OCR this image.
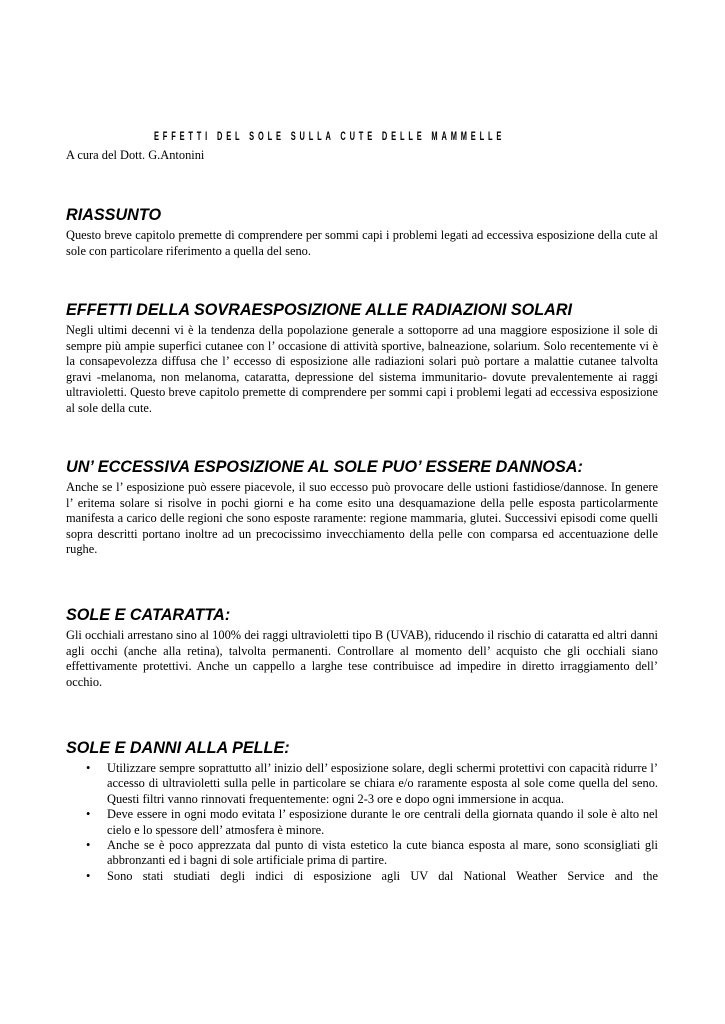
EFFETTI DEL SOLE SULLA CUTE DELLE MAMMELLE
A cura del Dott. G.Antonini
RIASSUNTO

Questo breve capitolo premette di comprendere per sommi capi i problemi legati ad eccessiva esposizione della cute al sole con particolare riferimento a quella del seno.

EFFETTI DELLA SOVRAESPOSIZIONE ALLE RADIAZIONI SOLARI

Negli ultimi decenni vi è la tendenza della popolazione generale a sottoporre ad una maggiore esposizione il sole di sempre più ampie superfici cutanee con l’ occasione di attività sportive, balneazione, solarium. Solo recentemente vi è la consapevolezza diffusa che l’ eccesso di esposizione alle radiazioni solari può portare a malattie cutanee talvolta gravi -melanoma, non melanoma, cataratta, depressione del sistema immunitario- dovute prevalentemente ai raggi ultravioletti. Questo breve capitolo premette di comprendere per sommi capi i problemi legati ad eccessiva esposizione al sole della cute.

UN’ ECCESSIVA ESPOSIZIONE AL SOLE PUO’ ESSERE DANNOSA:

Anche se l’ esposizione può essere piacevole, il suo eccesso può provocare delle ustioni fastidiose/dannose. In genere l’ eritema solare si risolve in pochi giorni e ha come esito una desquamazione della pelle esposta particolarmente manifesta a carico delle regioni che sono esposte raramente: regione mammaria, glutei. Successivi episodi come quelli sopra descritti portano inoltre ad un precocissimo invecchiamento della pelle con comparsa ed accentuazione delle rughe.

SOLE E CATARATTA:

Gli occhiali arrestano sino al 100% dei raggi ultravioletti tipo B (UVAB), riducendo il rischio di cataratta ed altri danni agli occhi (anche alla retina), talvolta permanenti. Controllare al momento dell’ acquisto che gli occhiali siano effettivamente protettivi. Anche un cappello a larghe tese contribuisce ad impedire in diretto irraggiamento dell’ occhio.

SOLE E DANNI ALLA PELLE:
• Utilizzare sempre soprattutto all’ inizio dell’ esposizione solare, degli schermi protettivi con capacità ridurre l’ accesso di ultravioletti sulla pelle in particolare se chiara e/o raramente esposta al sole come quella del seno. Questi filtri vanno rinnovati frequentemente: ogni 2-3 ore e dopo ogni immersione in acqua.
• Deve essere in ogni modo evitata l’ esposizione durante le ore centrali della giornata quando il sole è alto nel cielo e lo spessore dell’ atmosfera è minore.
• Anche se è poco apprezzata dal punto di vista estetico la cute bianca esposta al mare, sono sconsigliati gli abbronzanti ed i bagni di sole artificiale prima di partire.
• Sono stati studiati degli indici di esposizione agli UV dal National Weather Service and the
